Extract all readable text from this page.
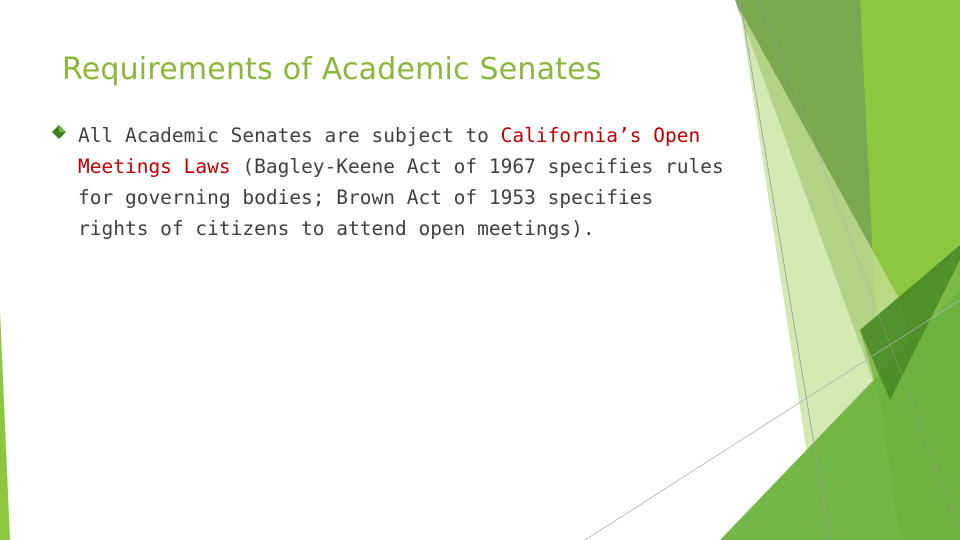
Requirements of Academic Senates
All Academic Senates are subject to California’s Open Meetings Laws (Bagley-Keene Act of 1967 specifies rules for governing bodies; Brown Act of 1953 specifies rights of citizens to attend open meetings).
